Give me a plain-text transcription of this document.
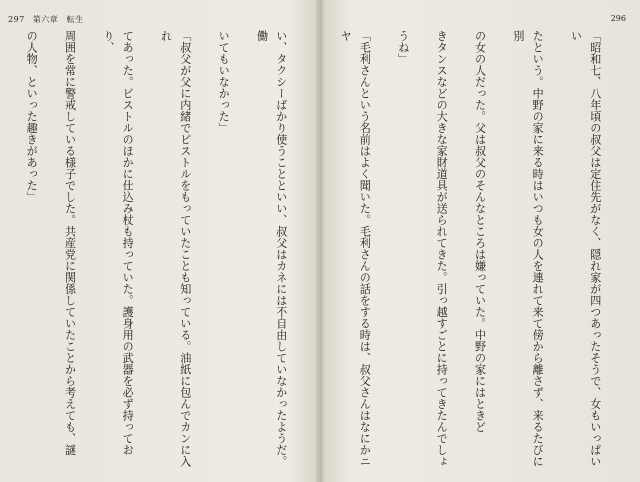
297 第六章　転生

い、タクシーばかり使うことといい、叔父はカネには不自由していなかったようだ。働

いてもいなかった」

「叔父が父に内緒でピストルをもっていたことも知っている。油紙に包んでカンに入れ

てあった。ピストルのほかに仕込み杖も持っていた。護身用の武器を必ず持っており、

周囲を常に警戒している様子でした。共産党に関係していたことから考えても、謎

の人物、といった趣きがあった」

296

「昭和七、八年頃の叔父は定住先がなく、隠れ家が四つあったそうで、女もいっぱいい

たという。中野の家に来る時はいつも女の人を連れて来て傍から離さず、来るたびに別

の女の人だった。父は叔父のそんなところは嫌っていた。中野の家にはときど

きタンスなどの大きな家財道具が送られてきた。引っ越すごとに持ってきたんでしょ

うね」

「毛利さんという名前はよく聞いた。毛利さんの話をする時は、叔父さんはなにかニヤ
